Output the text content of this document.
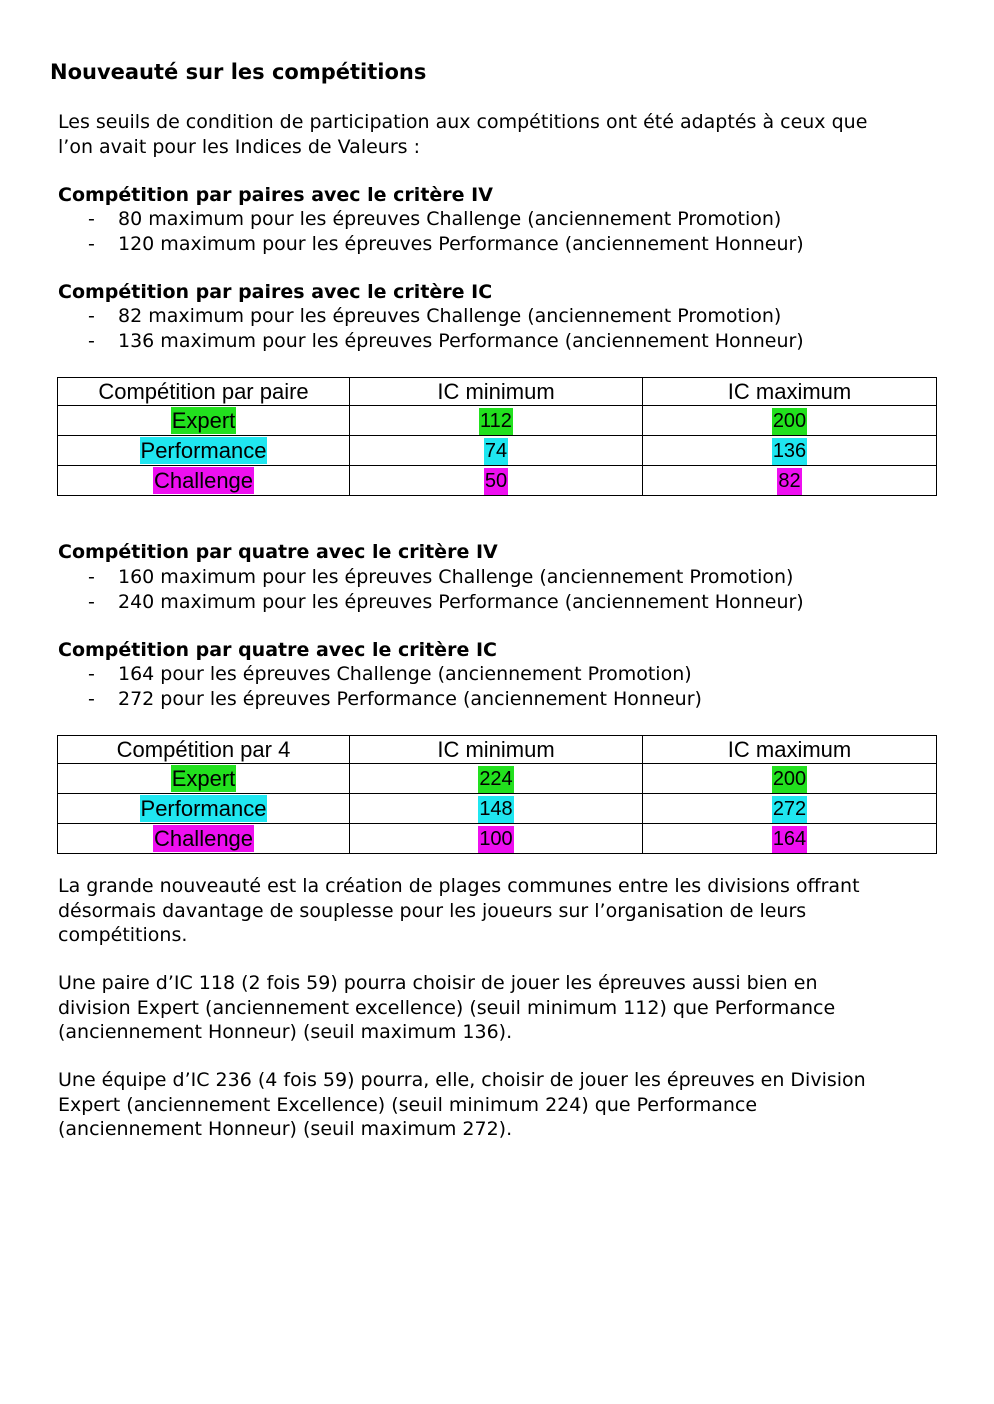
Nouveauté sur les compétitions
Les seuils de condition de participation aux compétitions ont été adaptés à ceux que
l’on avait pour les Indices de Valeurs :
Compétition par paires avec le critère IV
- 80 maximum pour les épreuves Challenge (anciennement Promotion)
- 120 maximum pour les épreuves Performance (anciennement Honneur)
Compétition par paires avec le critère IC
- 82 maximum pour les épreuves Challenge (anciennement Promotion)
- 136 maximum pour les épreuves Performance (anciennement Honneur)
Compétition par paire	IC minimum	IC maximum
Expert	112	200
Performance	74	136
Challenge	50	82
Compétition par quatre avec le critère IV
- 160 maximum pour les épreuves Challenge (anciennement Promotion)
- 240 maximum pour les épreuves Performance (anciennement Honneur)
Compétition par quatre avec le critère IC
- 164 pour les épreuves Challenge (anciennement Promotion)
- 272 pour les épreuves Performance (anciennement Honneur)
Compétition par 4	IC minimum	IC maximum
Expert	224	200
Performance	148	272
Challenge	100	164
La grande nouveauté est la création de plages communes entre les divisions offrant
désormais davantage de souplesse pour les joueurs sur l’organisation de leurs
compétitions.
Une paire d’IC 118 (2 fois 59) pourra choisir de jouer les épreuves aussi bien en
division Expert (anciennement excellence) (seuil minimum 112) que Performance
(anciennement Honneur) (seuil maximum 136).
Une équipe d’IC 236 (4 fois 59) pourra, elle, choisir de jouer les épreuves en Division
Expert (anciennement Excellence) (seuil minimum 224) que Performance
(anciennement Honneur) (seuil maximum 272).
